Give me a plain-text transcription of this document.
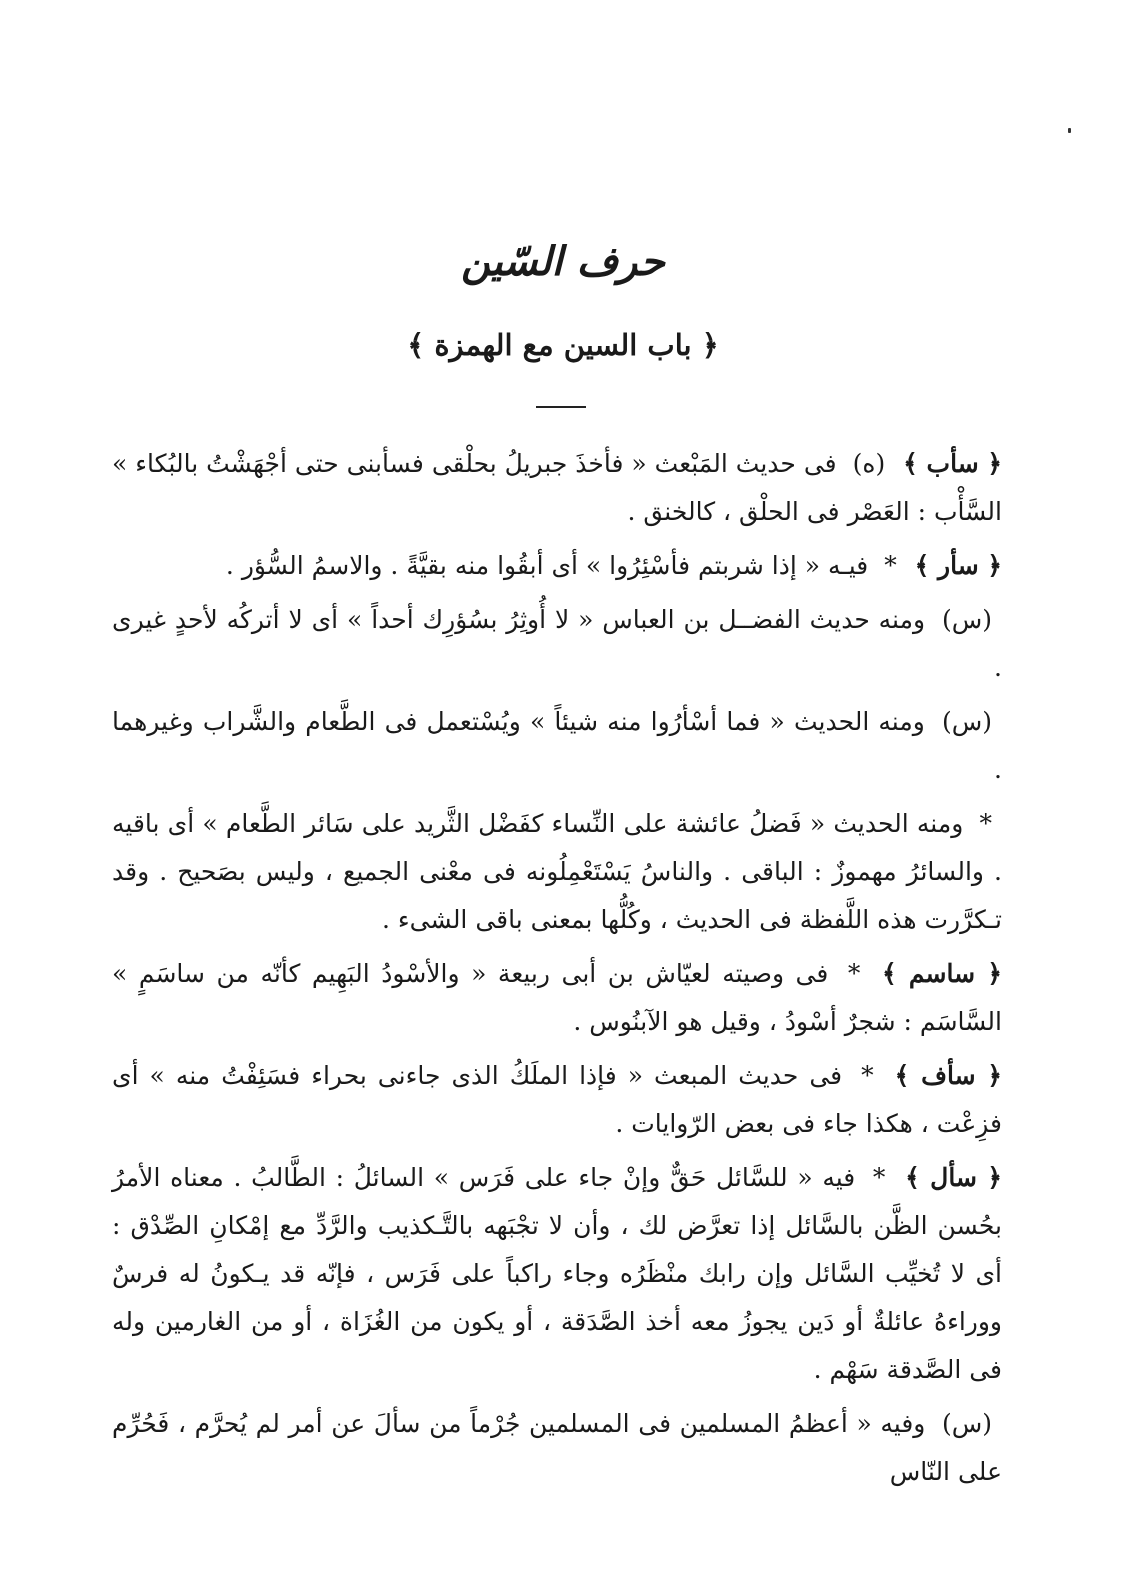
حرف السّين
﴿ باب السين مع الهمزة ﴾

﴿ سأب ﴾ (ه) فى حديث المَبْعث « فأخذَ جبريلُ بحلْقى فسأبنى حتى أجْهَشْتُ بالبُكاء » السَّأْب : العَصْر فى الحلْق ، كالخنق .

﴿ سأر ﴾ * فيـه « إذا شربتم فأسْئِرُوا » أى أبقُوا منه بقيَّةً . والاسمُ السُّؤر .

(س) ومنه حديث الفضــل بن العباس « لا أُوثِرُ بسُؤرِك أحداً » أى لا أتركُه لأحدٍ غيرى .

(س) ومنه الحديث « فما أسْأرُوا منه شيئاً » ويُسْتعمل فى الطَّعام والشَّراب وغيرهما .

* ومنه الحديث « فَضلُ عائشة على النِّساء كفَضْل الثَّريد على سَائر الطَّعام » أى باقيه . والسائرُ مهموزٌ : الباقى . والناسُ يَسْتَعْمِلُونه فى معْنى الجميع ، وليس بصَحيح . وقد تـكرَّرت هذه اللَّفظة فى الحديث ، وكُلُّها بمعنى باقى الشىء .

﴿ ساسم ﴾ * فى وصيته لعيّاش بن أبى ربيعة « والأسْودُ البَهِيم كأنّه من ساسَمٍ » السَّاسَم : شجرٌ أسْودُ ، وقيل هو الآبنُوس .

﴿ سأف ﴾ * فى حديث المبعث « فإذا الملَكُ الذى جاءنى بحراء فسَئِفْتُ منه » أى فزِعْت ، هكذا جاء فى بعض الرّوايات .

﴿ سأل ﴾ * فيه « للسَّائل حَقٌّ وإنْ جاء على فَرَس » السائلُ : الطَّالبُ . معناه الأمرُ بحُسن الظَّن بالسَّائل إذا تعرَّض لك ، وأن لا تجْبَهه بالتَّـكذيب والرَّدِّ مع إمْكانِ الصِّدْق : أى لا تُخيِّب السَّائل وإن رابك منْظَرُه وجاء راكباً على فَرَس ، فإنّه قد يـكونُ له فرسٌ ووراءهُ عائلةٌ أو دَين يجوزُ معه أخذ الصَّدَقة ، أو يكون من الغُزَاة ، أو من الغارمين وله فى الصَّدقة سَهْم .

(س) وفيه « أعظمُ المسلمين فى المسلمين جُرْماً من سألَ عن أمر لم يُحرَّم ، فَحُرِّم على النّاس
